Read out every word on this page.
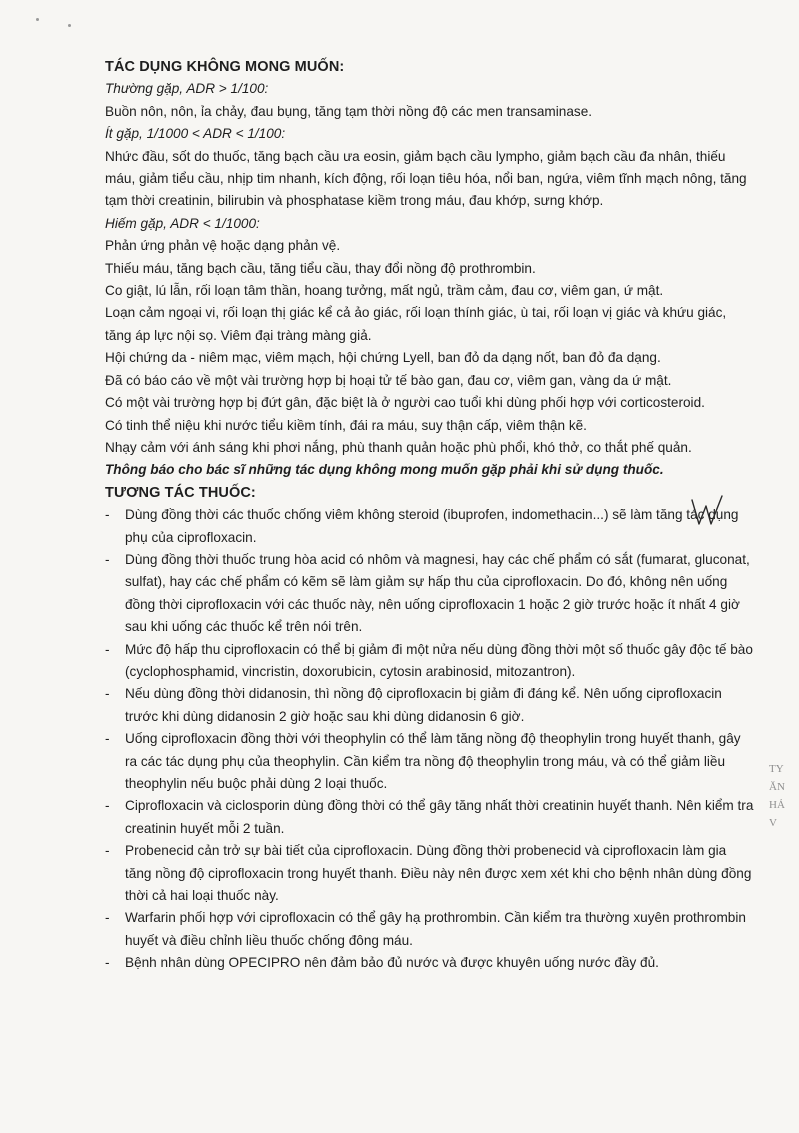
TÁC DỤNG KHÔNG MONG MUỐN:

Thường gặp, ADR > 1/100:

Buồn nôn, nôn, ỉa chảy, đau bụng, tăng tạm thời nồng độ các men transaminase.

Ít gặp, 1/1000 < ADR < 1/100:

Nhức đầu, sốt do thuốc, tăng bạch cầu ưa eosin, giảm bạch cầu lympho, giảm bạch cầu đa nhân, thiếu máu, giảm tiểu cầu, nhịp tim nhanh, kích động, rối loạn tiêu hóa, nổi ban, ngứa, viêm tĩnh mạch nông, tăng tạm thời creatinin, bilirubin và phosphatase kiềm trong máu, đau khớp, sưng khớp.

Hiếm gặp, ADR < 1/1000:

Phản ứng phản vệ hoặc dạng phản vệ.

Thiếu máu, tăng bạch cầu, tăng tiểu cầu, thay đổi nồng độ prothrombin.

Co giật, lú lẫn, rối loạn tâm thần, hoang tưởng, mất ngủ, trầm cảm, đau cơ, viêm gan, ứ mật.

Loạn cảm ngoại vi, rối loạn thị giác kể cả ảo giác, rối loạn thính giác, ù tai, rối loạn vị giác và khứu giác, tăng áp lực nội sọ. Viêm đại tràng màng giả.

Hội chứng da - niêm mạc, viêm mạch, hội chứng Lyell, ban đỏ da dạng nốt, ban đỏ đa dạng.

Đã có báo cáo về một vài trường hợp bị hoại tử tế bào gan, đau cơ, viêm gan, vàng da ứ mật.

Có một vài trường hợp bị đứt gân, đặc biệt là ở người cao tuổi khi dùng phối hợp với corticosteroid.

Có tinh thể niệu khi nước tiểu kiềm tính, đái ra máu, suy thận cấp, viêm thận kẽ.

Nhạy cảm với ánh sáng khi phơi nắng, phù thanh quản hoặc phù phổi, khó thở, co thắt phế quản.

Thông báo cho bác sĩ những tác dụng không mong muốn gặp phải khi sử dụng thuốc.

TƯƠNG TÁC THUỐC:

- Dùng đồng thời các thuốc chống viêm không steroid (ibuprofen, indomethacin...) sẽ làm tăng tác dụng phụ của ciprofloxacin.
- Dùng đồng thời thuốc trung hòa acid có nhôm và magnesi, hay các chế phẩm có sắt (fumarat, gluconat, sulfat), hay các chế phẩm có kẽm sẽ làm giảm sự hấp thu của ciprofloxacin. Do đó, không nên uống đồng thời ciprofloxacin với các thuốc này, nên uống ciprofloxacin 1 hoặc 2 giờ trước hoặc ít nhất 4 giờ sau khi uống các thuốc kể trên nói trên.
- Mức độ hấp thu ciprofloxacin có thể bị giảm đi một nửa nếu dùng đồng thời một số thuốc gây độc tế bào (cyclophosphamid, vincristin, doxorubicin, cytosin arabinosid, mitozantron).
- Nếu dùng đồng thời didanosin, thì nồng độ ciprofloxacin bị giảm đi đáng kể. Nên uống ciprofloxacin trước khi dùng didanosin 2 giờ hoặc sau khi dùng didanosin 6 giờ.
- Uống ciprofloxacin đồng thời với theophylin có thể làm tăng nồng độ theophylin trong huyết thanh, gây ra các tác dụng phụ của theophylin. Cần kiểm tra nồng độ theophylin trong máu, và có thể giảm liều theophylin nếu buộc phải dùng 2 loại thuốc.
- Ciprofloxacin và ciclosporin dùng đồng thời có thể gây tăng nhất thời creatinin huyết thanh. Nên kiểm tra creatinin huyết mỗi 2 tuần.
- Probenecid cản trở sự bài tiết của ciprofloxacin. Dùng đồng thời probenecid và ciprofloxacin làm gia tăng nồng độ ciprofloxacin trong huyết thanh. Điều này nên được xem xét khi cho bệnh nhân dùng đồng thời cả hai loại thuốc này.
- Warfarin phối hợp với ciprofloxacin có thể gây hạ prothrombin. Cần kiểm tra thường xuyên prothrombin huyết và điều chỉnh liều thuốc chống đông máu.
- Bệnh nhân dùng OPECIPRO nên đảm bảo đủ nước và được khuyên uống nước đầy đủ.
TY
ĂN
HẢ
V
